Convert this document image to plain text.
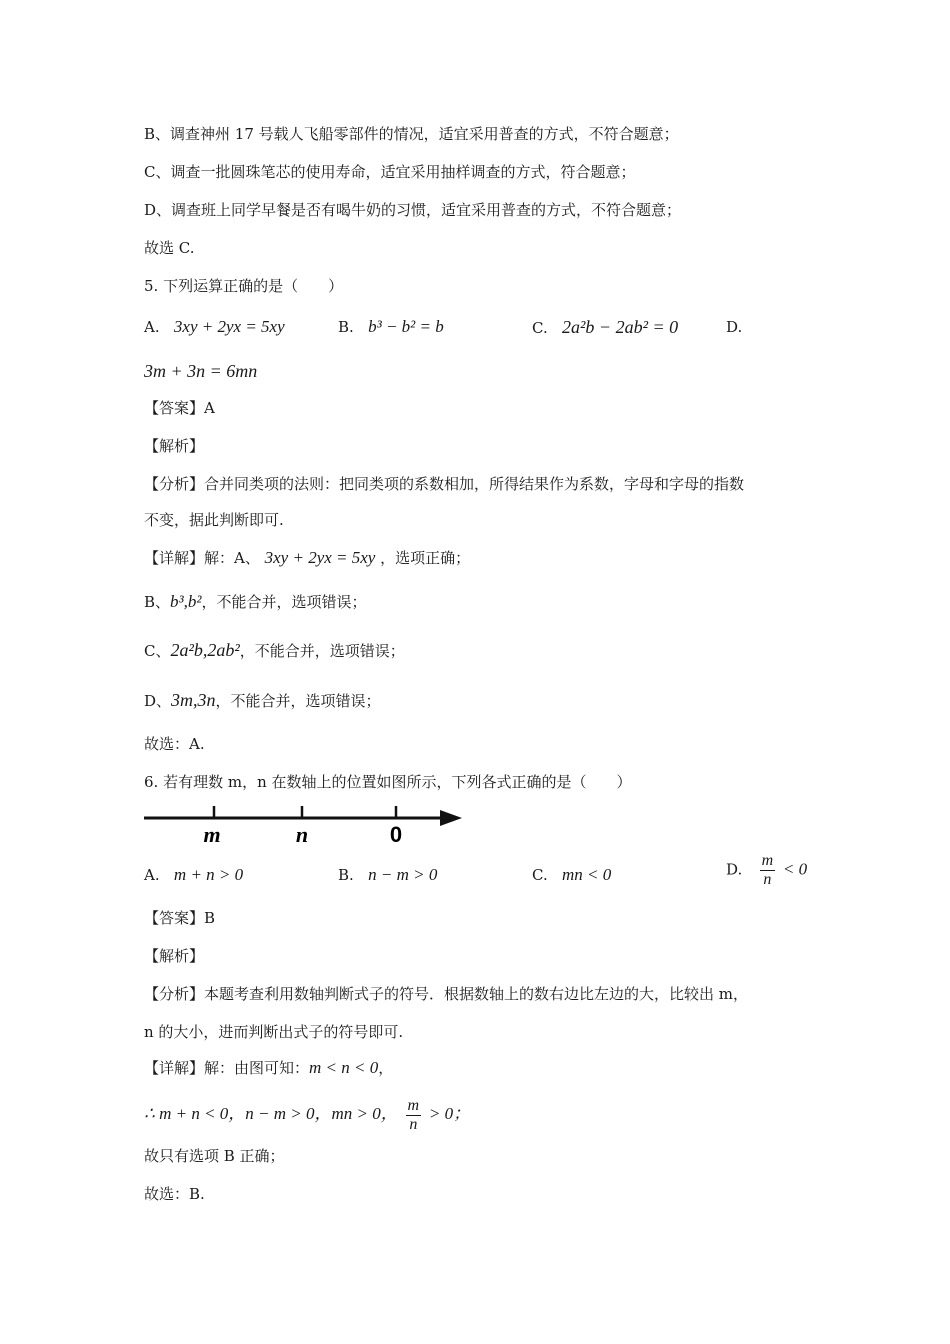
B、调查神州 17 号载人飞船零部件的情况，适宜采用普查的方式，不符合题意；
C、调查一批圆珠笔芯的使用寿命，适宜采用抽样调查的方式，符合题意；
D、调查班上同学早餐是否有喝牛奶的习惯，适宜采用普查的方式，不符合题意；
故选 C.
5. 下列运算正确的是（　　）
A. 3xy + 2yx = 5xy	B. b³ − b² = b	C. 2a²b − 2ab² = 0	D.
3m + 3n = 6mn
【答案】A
【解析】
【分析】合并同类项的法则：把同类项的系数相加，所得结果作为系数，字母和字母的指数
不变，据此判断即可.
【详解】解：A、 3xy + 2yx = 5xy ，选项正确；
B、b³,b²，不能合并，选项错误；
C、2a²b,2ab²，不能合并，选项错误；
D、3m,3n，不能合并，选项错误；
故选：A.
6. 若有理数 m，n 在数轴上的位置如图所示，下列各式正确的是（　　）
m	n	0
A. m + n > 0	B. n − m > 0	C. mn < 0	D. $\frac{m}{n} < 0$
【答案】B
【解析】
【分析】本题考查利用数轴判断式子的符号．根据数轴上的数右边比左边的大，比较出 m，
n 的大小，进而判断出式子的符号即可.
【详解】解：由图可知：m < n < 0，
∴ m + n < 0，n − m > 0，mn > 0， $\frac{m}{n} > 0$；
故只有选项 B 正确；
故选：B.
